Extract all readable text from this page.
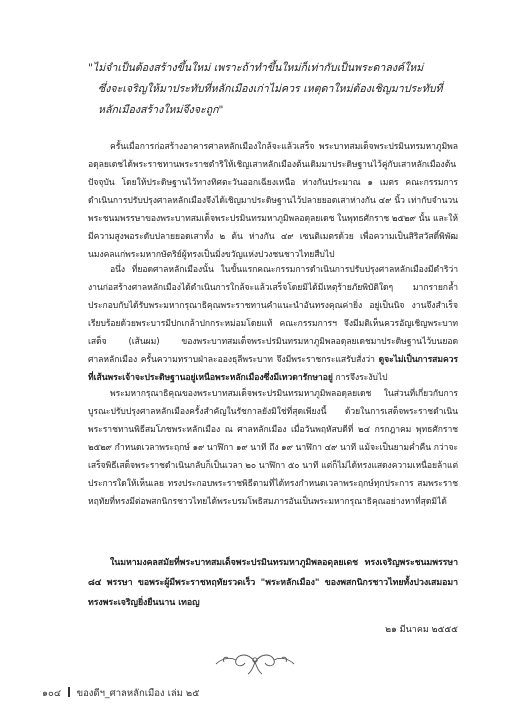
"ไม่จำเป็นต้องสร้างขึ้นใหม่ เพราะถ้าทำขึ้นใหม่ก็เท่ากับเป็นพระดาลงค์ใหม่

ซึ่งจะเจริญให้มาประทับที่หลักเมืองเก่าไม่ควร เหตุดาใหม่ต้องเชิญมาประทับที่

หลักเมืองสร้างใหม่จึงจะถูก"

ครั้นเมื่อการก่อสร้างอาคารศาลหลักเมืองใกล้จะแล้วเสร็จ พระบาทสมเด็จพระปรมินทรมหาภูมิพลอดุลยเดชได้พระราชทานพระราชดำริให้เชิญเสาหลักเมืองต้นเดิมมาประดิษฐานไว้คู่กับเสาหลักเมืองต้นปัจจุบัน โดยให้ประดิษฐานไว้ทางทิศตะวันออกเฉียงเหนือ ห่างกันประมาณ ๑ เมตร คณะกรรมการดำเนินการปรับปรุงศาลหลักเมืองจึงได้เชิญมาประดิษฐานไว้ปลายยอดเสาห่างกัน ๔๙ นิ้ว เท่ากับจำนวนพระชนมพรรษาของพระบาทสมเด็จพระปรมินทรมหาภูมิพลอดุลยเดช ในพุทธศักราช ๒๕๒๙ นั้น และให้มีความสูงพอระดับปลายยอดเสาทั้ง ๒ ต้น ห่างกัน ๔๙ เซนติเมตรด้วย เพื่อความเป็นสิริสวัสดิ์พิพัฒนมงคลแก่พระมหากษัตริย์ผู้ทรงเป็นมิ่งขวัญแห่งปวงชนชาวไทยสืบไป

อนึ่ง ที่ยอดศาลหลักเมืองนั้น ในขั้นแรกคณะกรรมการดำเนินการปรับปรุงศาลหลักเมืองมีดำริว่า งานก่อสร้างศาลหลักเมืองได้ดำเนินการใกล้จะแล้วเสร็จโดยมิได้มีเหตุร้ายภัยพิบัติใดๆ มากรายกล้ำ ประกอบกับได้รับพระมหากรุณาธิคุณพระราชทานคำแนะนำอันทรงคุณค่ายิ่ง อยู่เป็นนิจ งานจึงสำเร็จเรียบร้อยด้วยพระบารมีปกเกล้าปกกระหม่อมโดยแท้ คณะกรรมการฯ จึงมีมติเห็นควรอัญเชิญพระบาทเสด็จ (เส้นผม) ของพระบาทสมเด็จพระปรมินทรมหาภูมิพลอดุลยเดชมาประดิษฐานไว้บนยอดศาลหลักเมือง ครั้นความทราบฝ่าละอองธุลีพระบาท จึงมีพระราชกระแสรับสั่งว่า ดูจะไม่เป็นการสมควรที่เส้นพระเจ้าจะประดิษฐานอยู่เหนือพระหลักเมืองซึ่งมีเทวดารักษาอยู่ การจึงระงับไป

พระมหากรุณาธิคุณของพระบาทสมเด็จพระปรมินทรมหาภูมิพลอดุลยเดช ในส่วนที่เกี่ยวกับการบูรณะปรับปรุงศาลหลักเมืองครั้งสำคัญในรัชกาลยังมิใช่ที่สุดเพียงนี้ ด้วยในการเสด็จพระราชดำเนินพระราชทานพิธีสมโภชพระหลักเมือง ณ ศาลหลักเมือง เมื่อวันพฤหัสบดีที่ ๒๔ กรกฎาคม พุทธศักราช ๒๕๒๙ กำหนดเวลาพระฤกษ์ ๑๙ นาฬิกา ๑๙ นาที ถึง ๑๙ นาฬิกา ๔๙ นาที แม้จะเป็นยามค่ำคืน กว่าจะเสร็จพิธีเสด็จพระราชดำเนินกลับก็เป็นเวลา ๒๐ นาฬิกา ๕๐ นาที แต่ก็ไม่ได้ทรงแสดงความเหนื่อยล้าแต่ประการใดให้เห็นเลย ทรงประกอบพระราชพิธีตามที่ได้ทรงกำหนดเวลาพระฤกษ์ทุกประการ สมพระราชหฤทัยที่ทรงมีต่อพสกนิกรชาวไทยได้พระบรมโพธิสมภารอันเป็นพระมหากรุณาธิคุณอย่างหาที่สุดมิได้

ในมหามงคลสมัยที่พระบาทสมเด็จพระปรมินทรมหาภูมิพลอดุลยเดช ทรงเจริญพระชนมพรรษา ๘๔ พรรษา ขอพระผู้มีพระราชหฤทัยรวดเร็ว "พระหลักเมือง" ของพสกนิกรชาวไทยทั้งปวงเสมอมา ทรงพระเจริญยิ่งยืนนาน เทอญ

๒๑ มีนาคม ๒๕๕๕
๑๐๔ ของดีฯ_ศาลหลักเมือง เล่ม ๒๕
